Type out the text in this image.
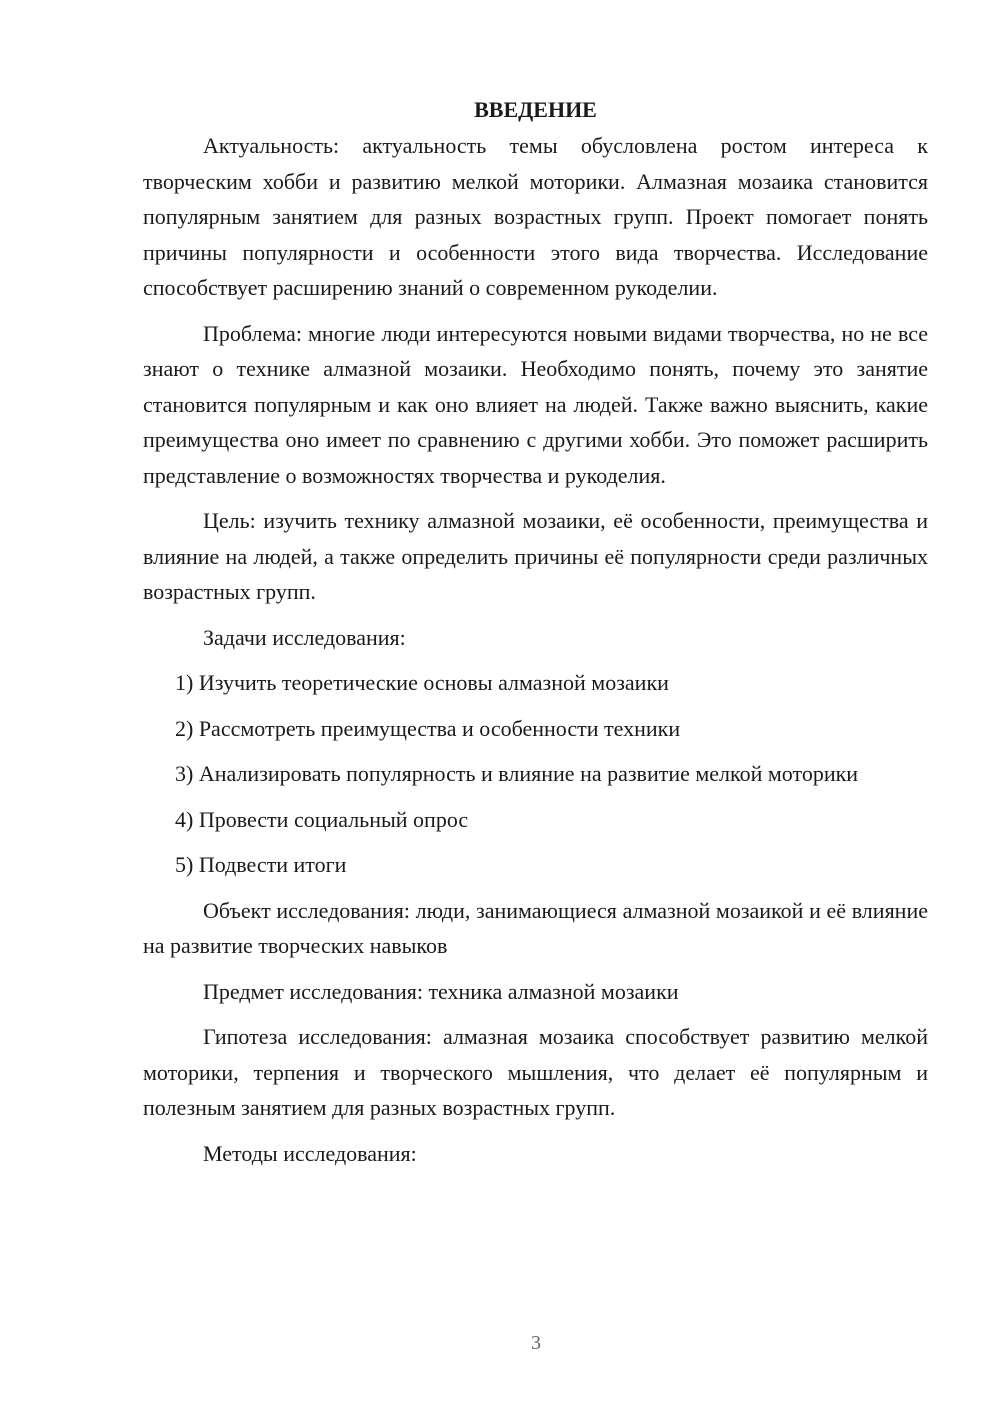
ВВЕДЕНИЕ

Актуальность: актуальность темы обусловлена ростом интереса к творческим хобби и развитию мелкой моторики. Алмазная мозаика становится популярным занятием для разных возрастных групп. Проект помогает понять причины популярности и особенности этого вида творчества. Исследование способствует расширению знаний о современном рукоделии.

Проблема: многие люди интересуются новыми видами творчества, но не все знают о технике алмазной мозаики. Необходимо понять, почему это занятие становится популярным и как оно влияет на людей. Также важно выяснить, какие преимущества оно имеет по сравнению с другими хобби. Это поможет расширить представление о возможностях творчества и рукоделия.

Цель: изучить технику алмазной мозаики, её особенности, преимущества и влияние на людей, а также определить причины её популярности среди различных возрастных групп.

Задачи исследования:

1) Изучить теоретические основы алмазной мозаики

2) Рассмотреть преимущества и особенности техники

3) Анализировать популярность и влияние на развитие мелкой моторики

4) Провести социальный опрос

5) Подвести итоги

Объект исследования: люди, занимающиеся алмазной мозаикой и её влияние на развитие творческих навыков

Предмет исследования: техника алмазной мозаики

Гипотеза исследования: алмазная мозаика способствует развитию мелкой моторики, терпения и творческого мышления, что делает её популярным и полезным занятием для разных возрастных групп.

Методы исследования:

3
